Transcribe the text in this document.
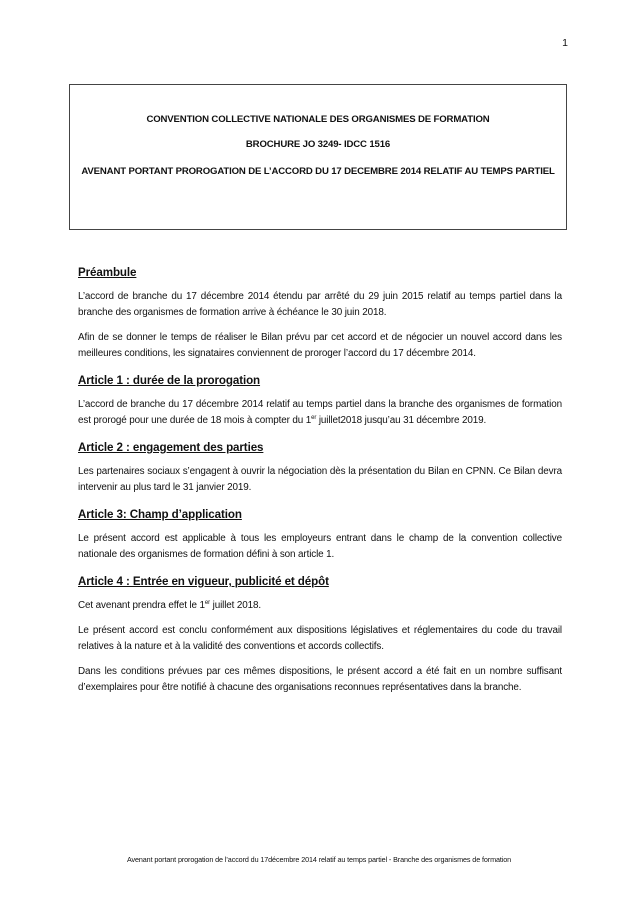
1

CONVENTION COLLECTIVE NATIONALE DES ORGANISMES DE FORMATION

BROCHURE JO 3249- IDCC 1516

AVENANT PORTANT PROROGATION DE L’ACCORD DU 17 DECEMBRE 2014 RELATIF AU TEMPS PARTIEL

Préambule

L’accord de branche du 17 décembre 2014 étendu par arrêté du 29 juin 2015 relatif au temps partiel dans la branche des organismes de formation arrive à échéance le 30 juin 2018.

Afin de se donner le temps de réaliser le Bilan prévu par cet accord et de négocier un nouvel accord dans les meilleures conditions, les signataires conviennent de proroger l’accord du 17 décembre 2014.

Article 1 : durée de la prorogation

L’accord de branche du 17 décembre 2014 relatif au temps partiel dans la branche des organismes de formation est prorogé pour une durée de 18 mois à compter du 1er juillet2018 jusqu’au 31 décembre 2019.

Article 2 : engagement des parties

Les partenaires sociaux s’engagent à ouvrir la négociation dès la présentation du Bilan en CPNN. Ce Bilan devra intervenir au plus tard le 31 janvier 2019.

Article 3: Champ d’application

Le présent accord est applicable à tous les employeurs entrant dans le champ de la convention collective nationale des organismes de formation défini à son article 1.

Article 4 : Entrée en vigueur, publicité et dépôt

Cet avenant prendra effet le 1er juillet 2018.

Le présent accord est conclu conformément aux dispositions législatives et réglementaires du code du travail relatives à la nature et à la validité des conventions et accords collectifs.

Dans les conditions prévues par ces mêmes dispositions, le présent accord a été fait en un nombre suffisant d’exemplaires pour être notifié à chacune des organisations reconnues représentatives dans la branche.

Avenant portant prorogation de l’accord du 17décembre 2014 relatif au temps partiel - Branche des organismes de formation
